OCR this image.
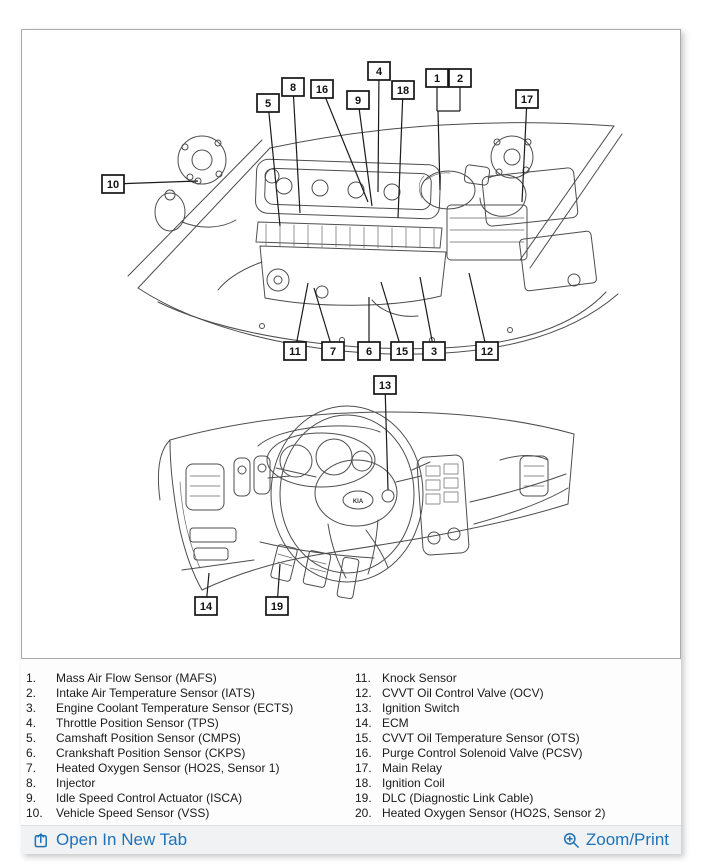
KIA
10
5
8 16
9
4
18
1 2
17
11	7	6 15 3	12
13
14	19
1. Mass Air Flow Sensor (MAFS)
2. Intake Air Temperature Sensor (IATS)
3. Engine Coolant Temperature Sensor (ECTS)
4. Throttle Position Sensor (TPS)
5. Camshaft Position Sensor (CMPS)
6. Crankshaft Position Sensor (CKPS)
7. Heated Oxygen Sensor (HO2S, Sensor 1)
8. Injector
9. Idle Speed Control Actuator (ISCA)
10. Vehicle Speed Sensor (VSS)
11. Knock Sensor
12. CVVT Oil Control Valve (OCV)
13. Ignition Switch
14. ECM
15. CVVT Oil Temperature Sensor (OTS)
16. Purge Control Solenoid Valve (PCSV)
17. Main Relay
18. Ignition Coil
19. DLC (Diagnostic Link Cable)
20. Heated Oxygen Sensor (HO2S, Sensor 2)
Open In New Tab	Zoom/Print
